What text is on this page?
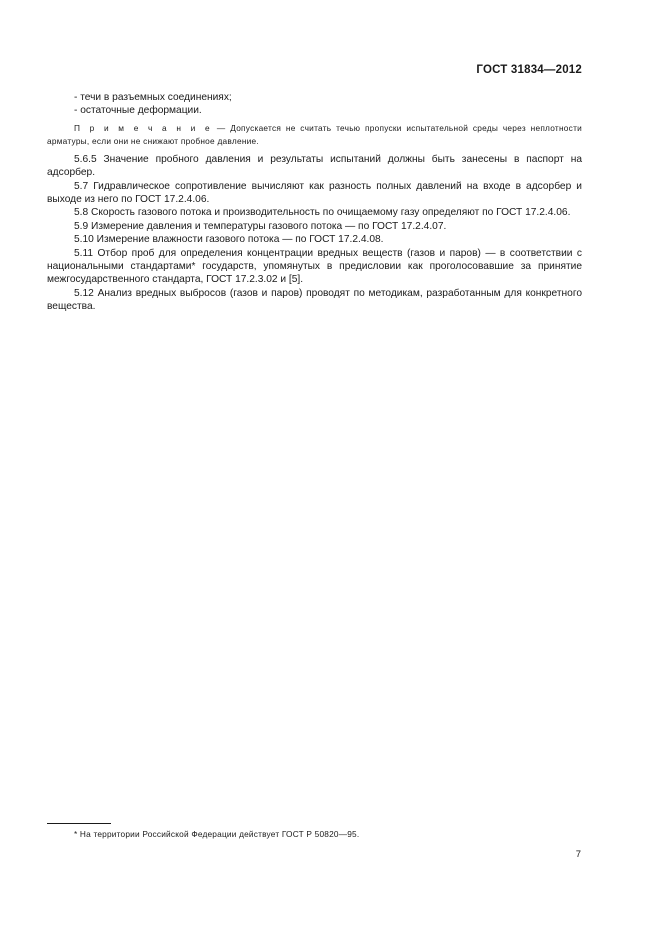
ГОСТ 31834—2012

- течи в разъемных соединениях;

- остаточные деформации.

П р и м е ч а н и е — Допускается не считать течью пропуски испытательной среды через неплотности арматуры, если они не снижают пробное давление.

5.6.5 Значение пробного давления и результаты испытаний должны быть занесены в паспорт на адсорбер.

5.7 Гидравлическое сопротивление вычисляют как разность полных давлений на входе в адсорбер и выходе из него по ГОСТ 17.2.4.06.

5.8 Скорость газового потока и производительность по очищаемому газу определяют по ГОСТ 17.2.4.06.

5.9 Измерение давления и температуры газового потока — по ГОСТ 17.2.4.07.

5.10 Измерение влажности газового потока — по ГОСТ 17.2.4.08.

5.11 Отбор проб для определения концентрации вредных веществ (газов и паров) — в соответствии с национальными стандартами* государств, упомянутых в предисловии как проголосовавшие за принятие межгосударственного стандарта, ГОСТ 17.2.3.02 и [5].

5.12 Анализ вредных выбросов (газов и паров) проводят по методикам, разработанным для конкретного вещества.

* На территории Российской Федерации действует ГОСТ Р 50820—95.
7
